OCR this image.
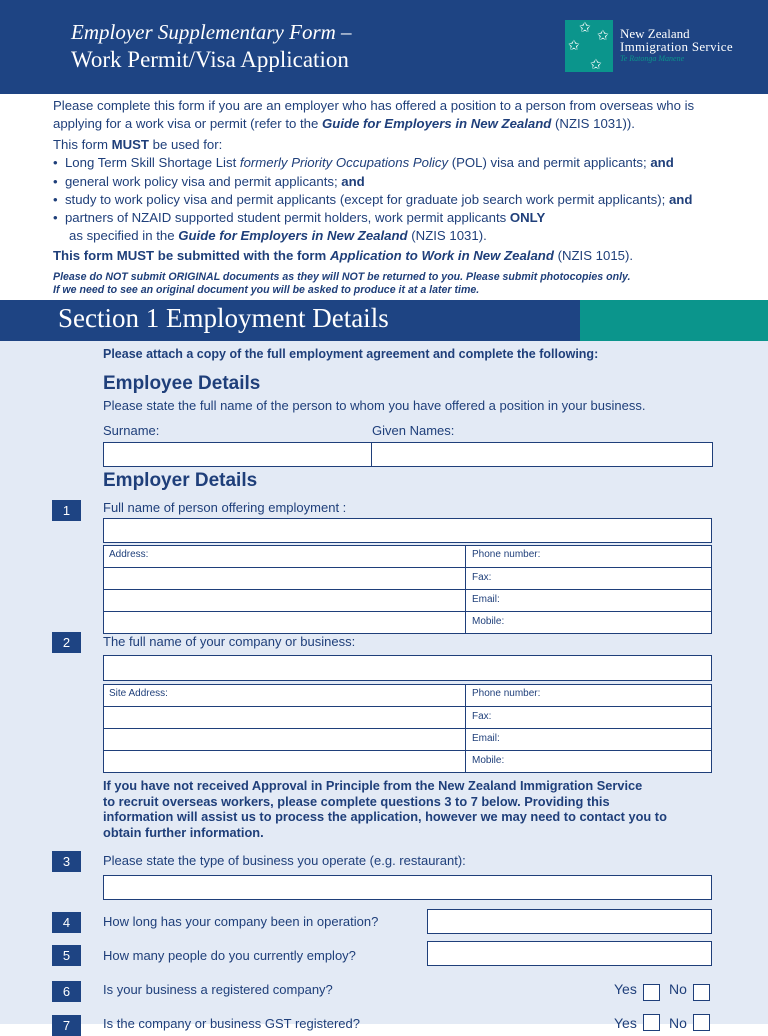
Employer Supplementary Form –
Work Permit/Visa Application
✩ ✩
✩
✩
New Zealand
Immigration Service
Te Ratonga Manene
Please complete this form if you are an employer who has offered a position to a person from overseas who is
applying for a work visa or permit (refer to the Guide for Employers in New Zealand (NZIS 1031)).
This form MUST be used for:
• Long Term Skill Shortage List formerly Priority Occupations Policy (POL) visa and permit applicants; and
• general work policy visa and permit applicants; and
• study to work policy visa and permit applicants (except for graduate job search work permit applicants); and
• partners of NZAID supported student permit holders, work permit applicants ONLY
as specified in the Guide for Employers in New Zealand (NZIS 1031).
This form MUST be submitted with the form Application to Work in New Zealand (NZIS 1015).
Please do NOT submit ORIGINAL documents as they will NOT be returned to you. Please submit photocopies only.
If we need to see an original document you will be asked to produce it at a later time.
Section 1 Employment Details
Please attach a copy of the full employment agreement and complete the following:
Employee Details
Please state the full name of the person to whom you have offered a position in your business.
Surname:	Given Names:
Employer Details
1	Full name of person offering employment :
Address:	Phone number:
Fax:
Email:
Mobile:
2	The full name of your company or business:
Site Address:	Phone number:
Fax:
Email:
Mobile:
If you have not received Approval in Principle from the New Zealand Immigration Service
to recruit overseas workers, please complete questions 3 to 7 below. Providing this
information will assist us to process the application, however we may need to contact you to
obtain further information.
3	Please state the type of business you operate (e.g. restaurant):
4	How long has your company been in operation?
5	How many people do you currently employ?
6	Is your business a registered company?	Yes No
7	Is the company or business GST registered?	Yes No
